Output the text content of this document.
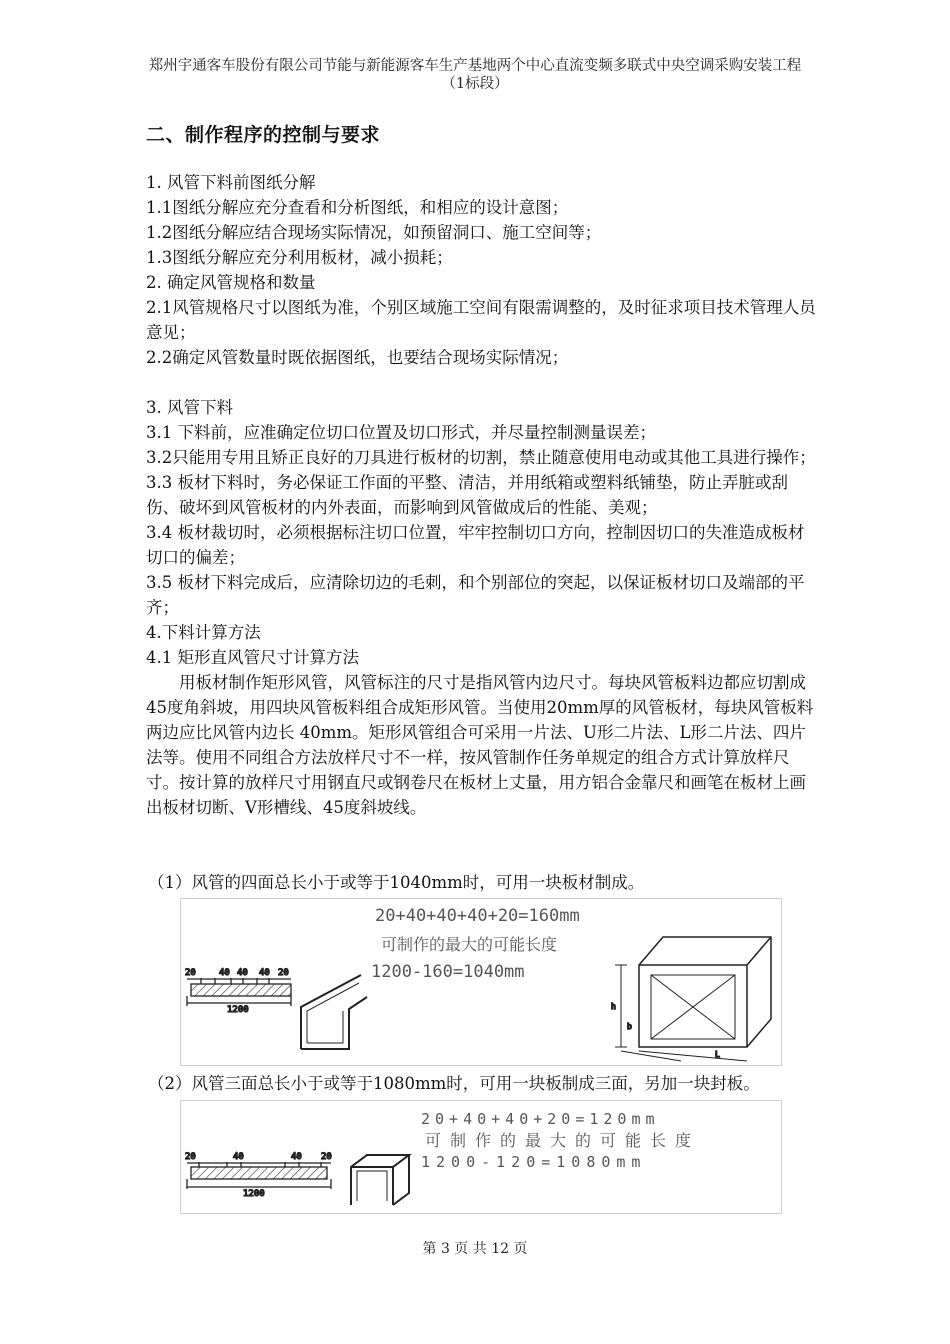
郑州宇通客车股份有限公司节能与新能源客车生产基地两个中心直流变频多联式中央空调采购安装工程
（1标段）
二、制作程序的控制与要求

1. 风管下料前图纸分解

1.1图纸分解应充分查看和分析图纸，和相应的设计意图；

1.2图纸分解应结合现场实际情况，如预留洞口、施工空间等；

1.3图纸分解应充分利用板材，减小损耗；

2. 确定风管规格和数量

2.1风管规格尺寸以图纸为准，个别区域施工空间有限需调整的，及时征求项目技术管理人员意见；

2.2确定风管数量时既依据图纸，也要结合现场实际情况；

3. 风管下料

3.1 下料前，应准确定位切口位置及切口形式，并尽量控制测量误差；

3.2只能用专用且矫正良好的刀具进行板材的切割，禁止随意使用电动或其他工具进行操作；

3.3 板材下料时，务必保证工作面的平整、清洁，并用纸箱或塑料纸铺垫，防止弄脏或刮伤、破坏到风管板材的内外表面，而影响到风管做成后的性能、美观；

3.4 板材裁切时，必须根据标注切口位置，牢牢控制切口方向，控制因切口的失准造成板材切口的偏差；

3.5 板材下料完成后，应清除切边的毛刺，和个别部位的突起，以保证板材切口及端部的平齐；

4.下料计算方法

4.1 矩形直风管尺寸计算方法

用板材制作矩形风管，风管标注的尺寸是指风管内边尺寸。每块风管板料边都应切割成45度角斜坡，用四块风管板料组合成矩形风管。当使用20mm厚的风管板材，每块风管板料两边应比风管内边长 40mm。矩形风管组合可采用一片法、U形二片法、L形二片法、四片法等。使用不同组合方法放样尺寸不一样，按风管制作任务单规定的组合方式计算放样尺寸。按计算的放样尺寸用钢直尺或钢卷尺在板材上丈量，用方铝合金靠尺和画笔在板材上画出板材切断、V形槽线、45度斜坡线。

（1）风管的四面总长小于或等于1040mm时，可用一块板材制成。
20+40+40+40+20=160mm
可制作的最大的可能长度
1200-160=1040mm
20	40 40 40 20
1200	h
b
L
（2）风管三面总长小于或等于1080mm时，可用一块板制成三面，另加一块封板。
20+40+40+20=120mm
可制作的最大的可能长度
1200-120=1080mm
20	40	40 20
1200
第 3 页 共 12 页
